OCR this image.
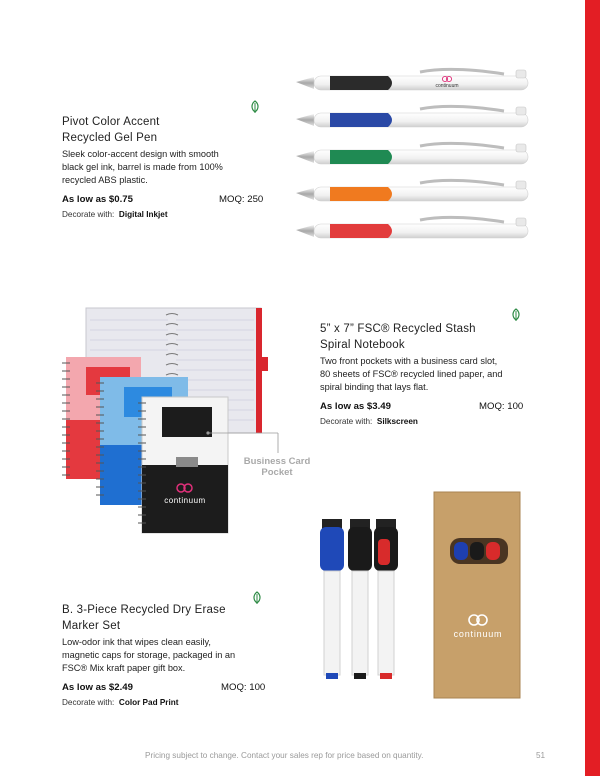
Pivot Color Accent
Recycled Gel Pen
Sleek color-accent design with smooth
black gel ink, barrel is made from 100%
recycled ABS plastic.
As low as $0.75	MOQ: 250
Decorate with: Digital Inkjet
continuum
5” x 7” FSC® Recycled Stash
Spiral Notebook
Two front pockets with a business card slot,
80 sheets of FSC® recycled lined paper, and
spiral binding that lays flat.
As low as $3.49	MOQ: 100
Decorate with: Silkscreen
continuum
Business Card
Pocket
continuum
B. 3-Piece Recycled Dry Erase
Marker Set
Low-odor ink that wipes clean easily,
magnetic caps for storage, packaged in an
FSC® Mix kraft paper gift box.
As low as $2.49	MOQ: 100
Decorate with: Color Pad Print
Pricing subject to change. Contact your sales rep for price based on quantity.	51
